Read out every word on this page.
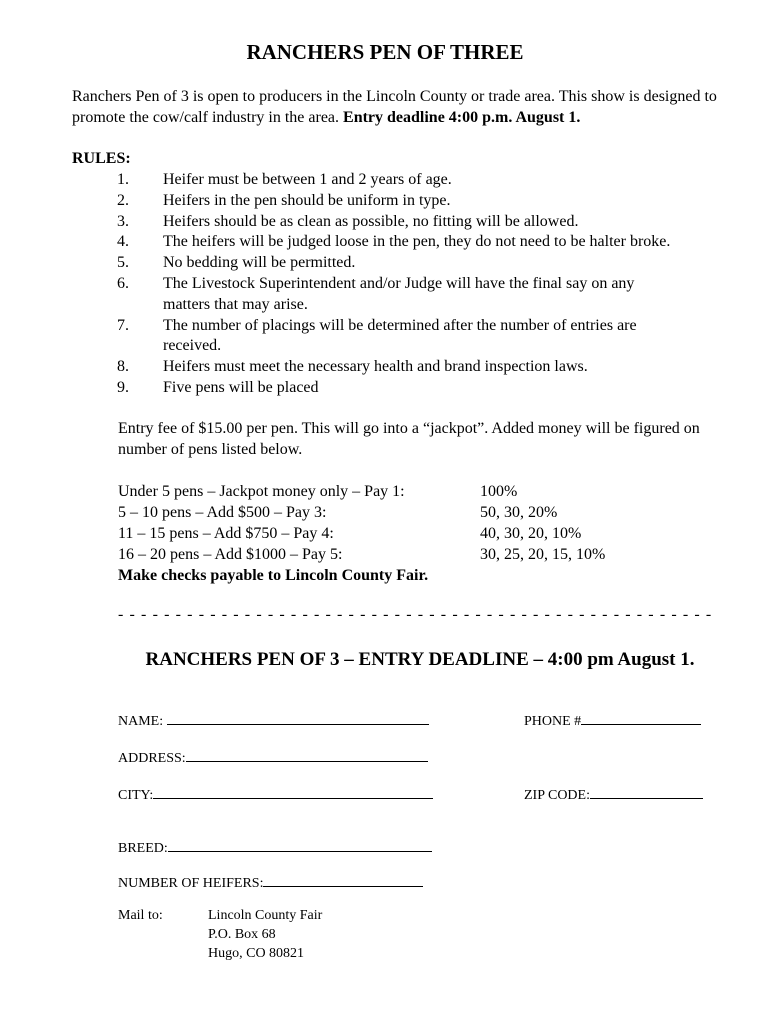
RANCHERS PEN OF THREE
Ranchers Pen of 3 is open to producers in the Lincoln County or trade area. This show is designed to promote the cow/calf industry in the area. Entry deadline 4:00 p.m. August 1.
RULES:
1. Heifer must be between 1 and 2 years of age.
2. Heifers in the pen should be uniform in type.
3. Heifers should be as clean as possible, no fitting will be allowed.
4. The heifers will be judged loose in the pen, they do not need to be halter broke.
5. No bedding will be permitted.
6. The Livestock Superintendent and/or Judge will have the final say on any matters that may arise.
7. The number of placings will be determined after the number of entries are received.
8. Heifers must meet the necessary health and brand inspection laws.
9. Five pens will be placed
Entry fee of $15.00 per pen. This will go into a “jackpot”. Added money will be figured on number of pens listed below.
Under 5 pens – Jackpot money only – Pay 1:	100%
5 – 10 pens – Add $500 – Pay 3:	50, 30, 20%
11 – 15 pens – Add $750 – Pay 4:	40, 30, 20, 10%
16 – 20 pens – Add $1000 – Pay 5:	30, 25, 20, 15, 10%
Make checks payable to Lincoln County Fair.
- - - - - - - - - - - - - - - - - - - - - - - - - - - - - - - - - - - - - - - - - - - - - - - - - - - -
RANCHERS PEN OF 3 – ENTRY DEADLINE – 4:00 pm August 1.
NAME:	PHONE #
ADDRESS:
CITY:	ZIP CODE:
BREED:
NUMBER OF HEIFERS:
Mail to:	Lincoln County Fair
P.O. Box 68
Hugo, CO 80821
